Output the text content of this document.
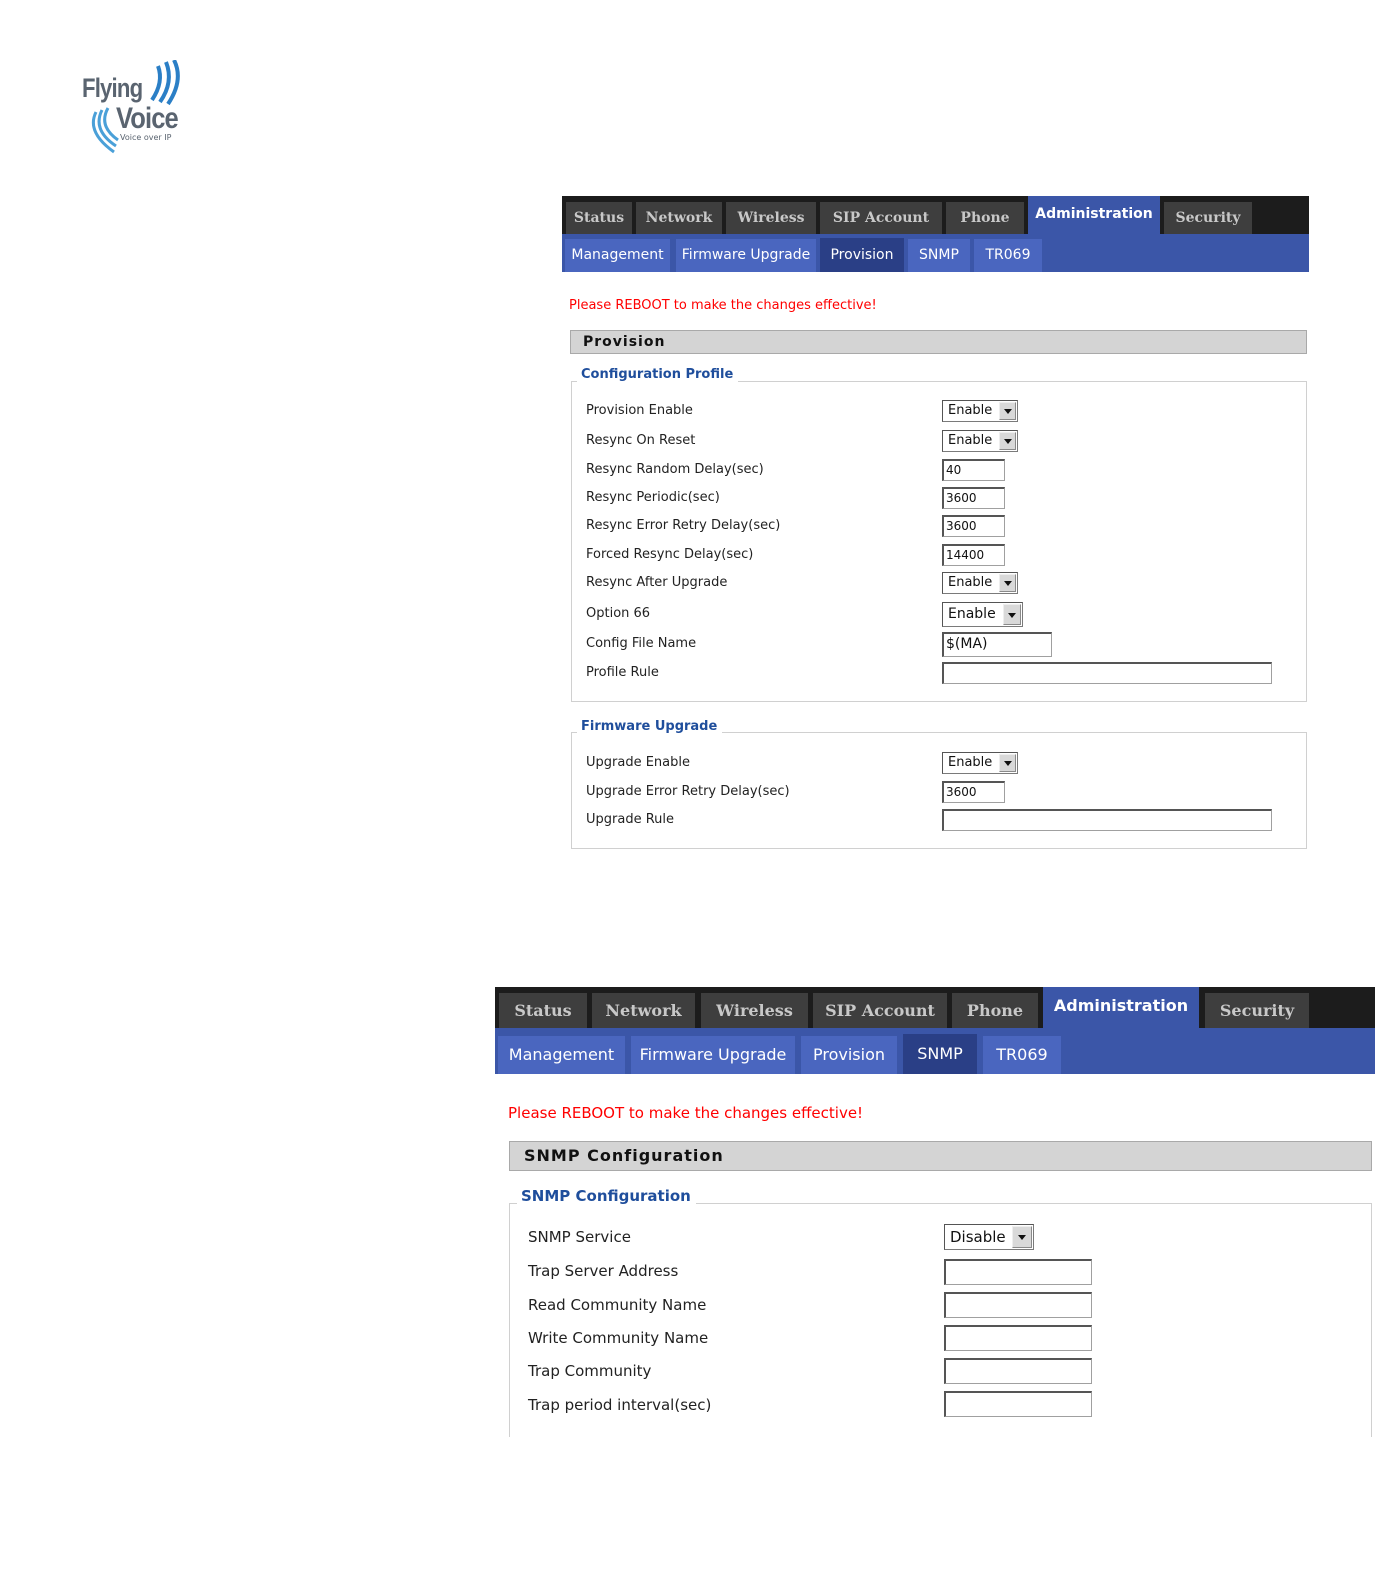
Flying
Voice
Voice over IP
Status	Network	Wireless	SIP Account	Phone	Administration	Security
Management	Firmware Upgrade	Provision	SNMP	TR069
Please REBOOT to make the changes effective!
Provision
Configuration Profile
Provision Enable	Enable
Resync On Reset	Enable
Resync Random Delay(sec)	40
Resync Periodic(sec)	3600
Resync Error Retry Delay(sec)	3600
Forced Resync Delay(sec)	14400
Resync After Upgrade	Enable
Option 66	Enable
Config File Name	$(MA)
Profile Rule
Firmware Upgrade
Upgrade Enable	Enable
Upgrade Error Retry Delay(sec)	3600
Upgrade Rule
Status	Network	Wireless	SIP Account	Phone	Administration	Security
Management	Firmware Upgrade	Provision	SNMP	TR069
Please REBOOT to make the changes effective!
SNMP Configuration
SNMP Configuration
SNMP Service	Disable
Trap Server Address
Read Community Name
Write Community Name
Trap Community
Trap period interval(sec)
